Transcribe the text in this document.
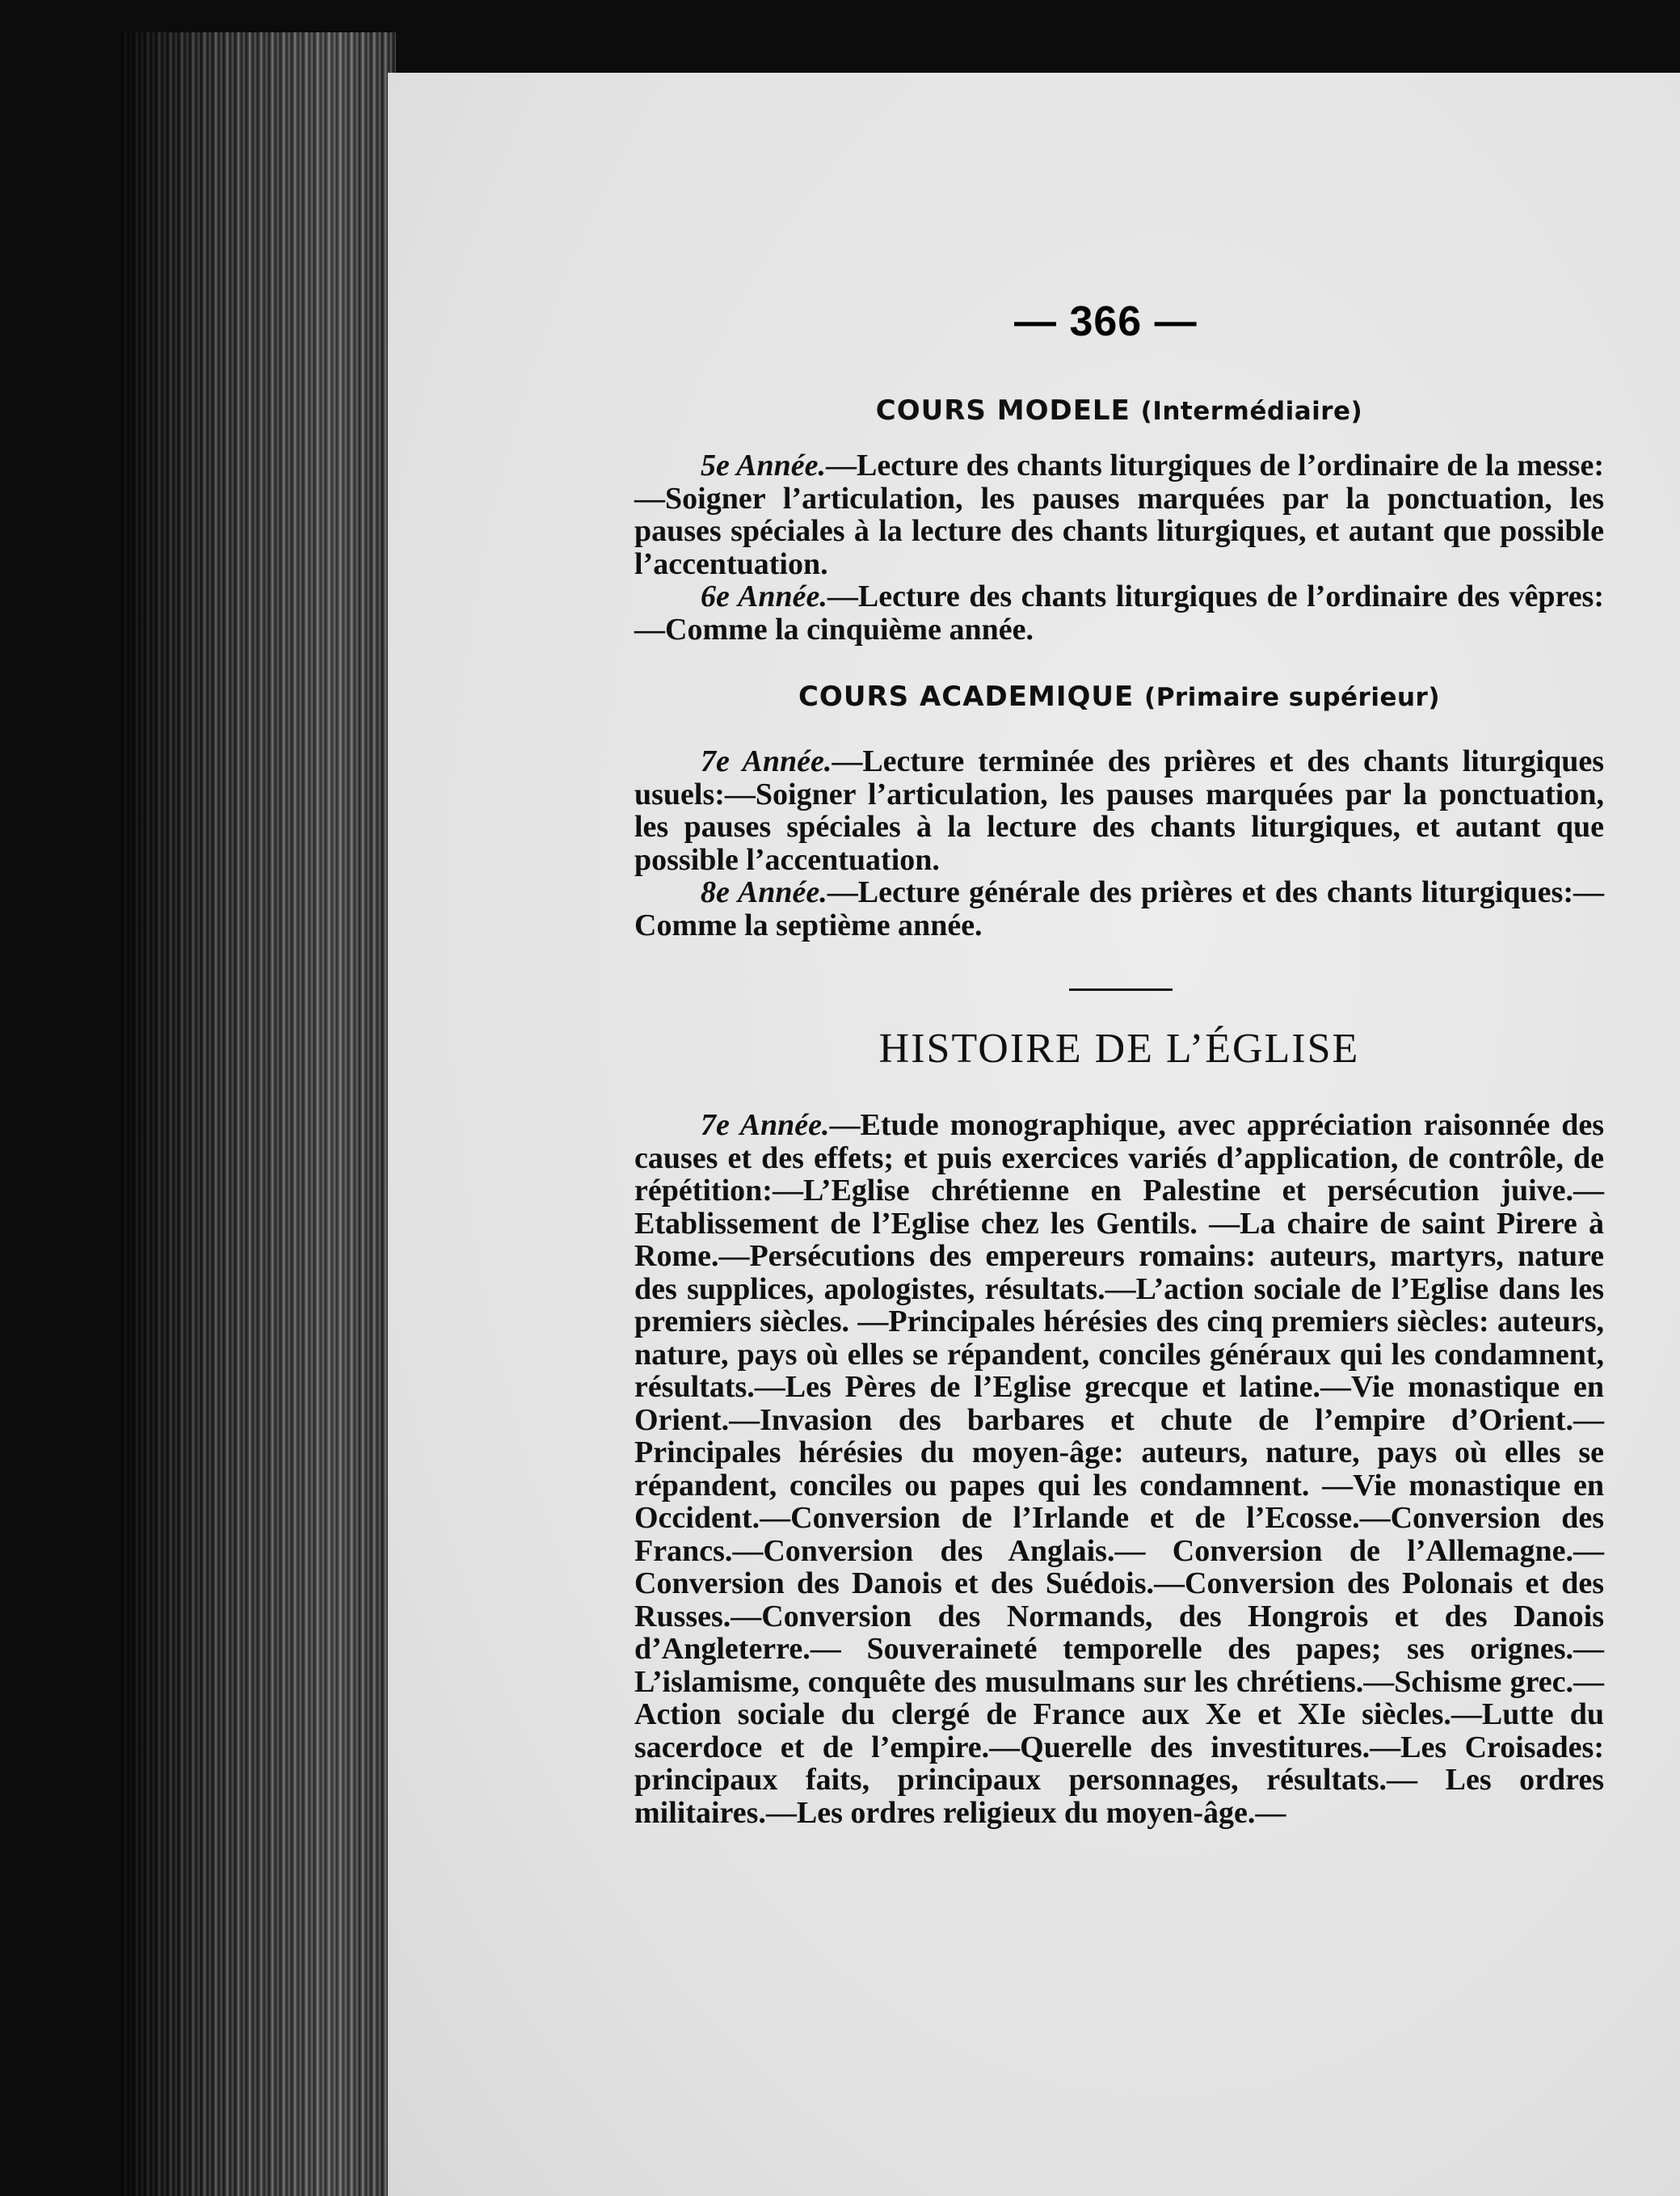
— 366 —
COURS MODELE (Intermédiaire)
5e Année.—Lecture des chants liturgiques de l’ordinaire de la messe:—Soigner l’articulation, les pauses marquées par la ponctuation, les pauses spéciales à la lecture des chants liturgiques, et autant que possible l’accentuation.
6e Année.—Lecture des chants liturgiques de l’ordinaire des vêpres:—Comme la cinquième année.
COURS ACADEMIQUE (Primaire supérieur)
7e Année.—Lecture terminée des prières et des chants liturgiques usuels:—Soigner l’articulation, les pauses marquées par la ponctuation, les pauses spéciales à la lecture des chants liturgiques, et autant que possible l’accentuation.
8e Année.—Lecture générale des prières et des chants liturgiques:—Comme la septième année.
HISTOIRE DE L’ÉGLISE
7e Année.—Etude monographique, avec appréciation raisonnée des causes et des effets; et puis exercices variés d’application, de contrôle, de répétition:—L’Eglise chrétienne en Palestine et persécution juive.—Etablissement de l’Eglise chez les Gentils. —La chaire de saint Pirere à Rome.—Persécutions des empereurs romains: auteurs, martyrs, nature des supplices, apologistes, résultats.—L’action sociale de l’Eglise dans les premiers siècles. —Principales hérésies des cinq premiers siècles: auteurs, nature, pays où elles se répandent, conciles généraux qui les condamnent, résultats.—Les Pères de l’Eglise grecque et latine.—Vie monastique en Orient.—Invasion des barbares et chute de l’empire d’Orient.—Principales hérésies du moyen-âge: auteurs, nature, pays où elles se répandent, conciles ou papes qui les condamnent. —Vie monastique en Occident.—Conversion de l’Irlande et de l’Ecosse.—Conversion des Francs.—Conversion des Anglais.— Conversion de l’Allemagne.—Conversion des Danois et des Suédois.—Conversion des Polonais et des Russes.—Conversion des Normands, des Hongrois et des Danois d’Angleterre.— Souveraineté temporelle des papes; ses orignes.—L’islamisme, conquête des musulmans sur les chrétiens.—Schisme grec.— Action sociale du clergé de France aux Xe et XIe siècles.—Lutte du sacerdoce et de l’empire.—Querelle des investitures.—Les Croisades: principaux faits, principaux personnages, résultats.— Les ordres militaires.—Les ordres religieux du moyen-âge.—
